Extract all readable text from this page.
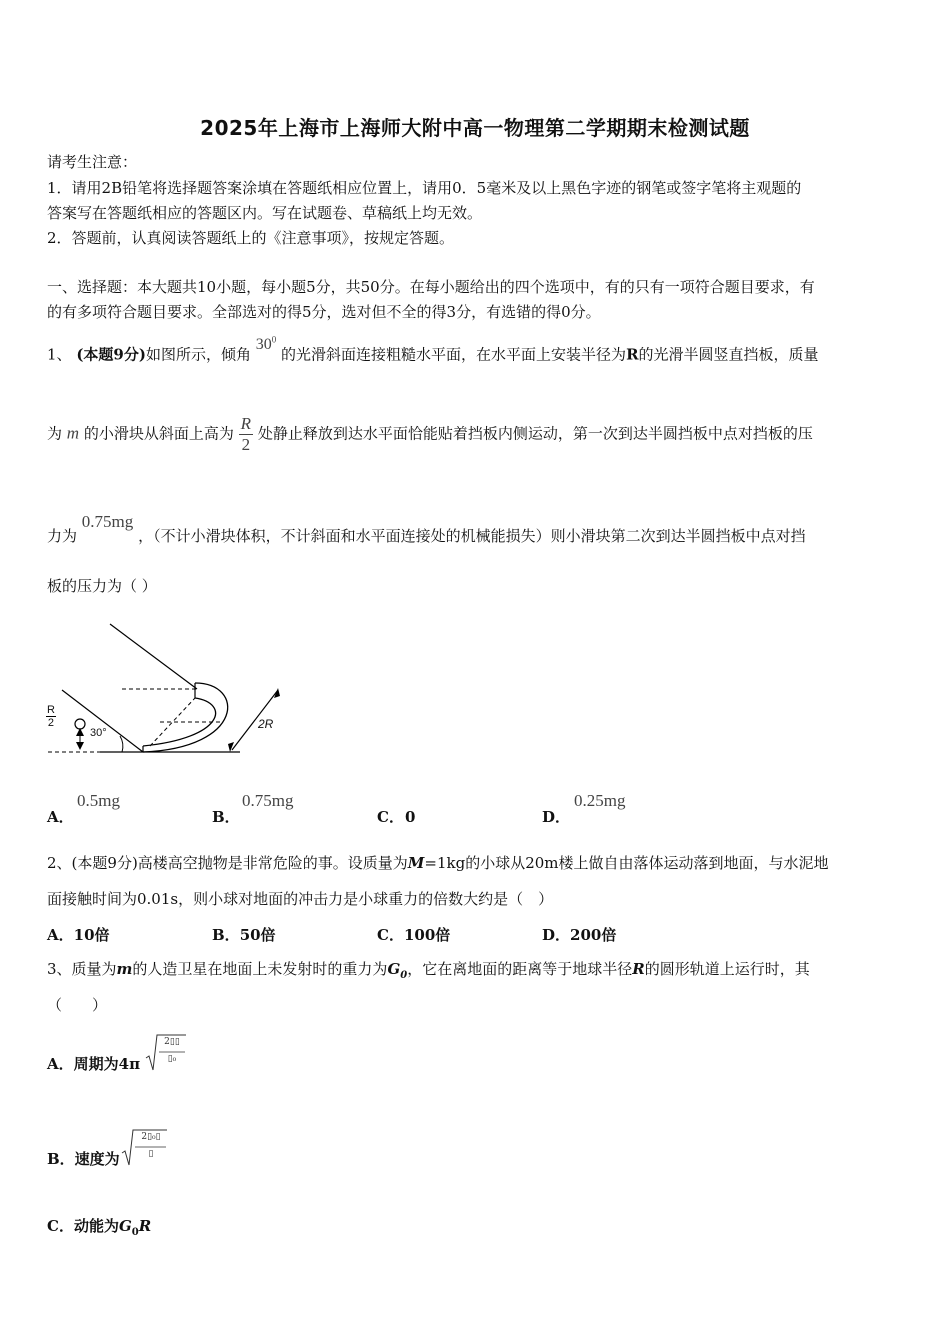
2025年上海市上海师大附中高一物理第二学期期末检测试题
请考生注意：
1．请用2B铅笔将选择题答案涂填在答题纸相应位置上，请用0．5毫米及以上黑色字迹的钢笔或签字笔将主观题的
答案写在答题纸相应的答题区内。写在试题卷、草稿纸上均无效。
2．答题前，认真阅读答题纸上的《注意事项》，按规定答题。
一、选择题：本大题共10小题，每小题5分，共50分。在每小题给出的四个选项中，有的只有一项符合题目要求，有
的有多项符合题目要求。全部选对的得5分，选对但不全的得3分，有选错的得0分。
1、 (本题9分)如图所示，倾角 $30^0$ 的光滑斜面连接粗糙水平面，在水平面上安装半径为R的光滑半圆竖直挡板，质量
为 m 的小滑块从斜面上高为 $\frac{R}{2}$ 处静止释放到达水平面恰能贴着挡板内侧运动，第一次到达半圆挡板中点对挡板的压
力为 0.75mg ，（不计小滑块体积，不计斜面和水平面连接处的机械能损失）则小滑块第二次到达半圆挡板中点对挡
板的压力为（ ）
R
2
30°
2R
A．
0.5mg
B．
0.75mg
C． 0	D．
0.25mg
2、(本题9分)高楼高空抛物是非常危险的事。设质量为M=1kg的小球从20m楼上做自由落体运动落到地面，与水泥地
面接触时间为0.01s，则小球对地面的冲击力是小球重力的倍数大约是（　）
A．10倍	B．50倍	C．100倍	D．200倍
3、质量为m的人造卫星在地面上未发射时的重力为$G_0$，它在离地面的距离等于地球半径R的圆形轨道上运行时，其
（　　）
A．周期为4π
2▯▯
▯₀
B．速度为
2▯₀▯
▯
C．动能为$G_0R$
